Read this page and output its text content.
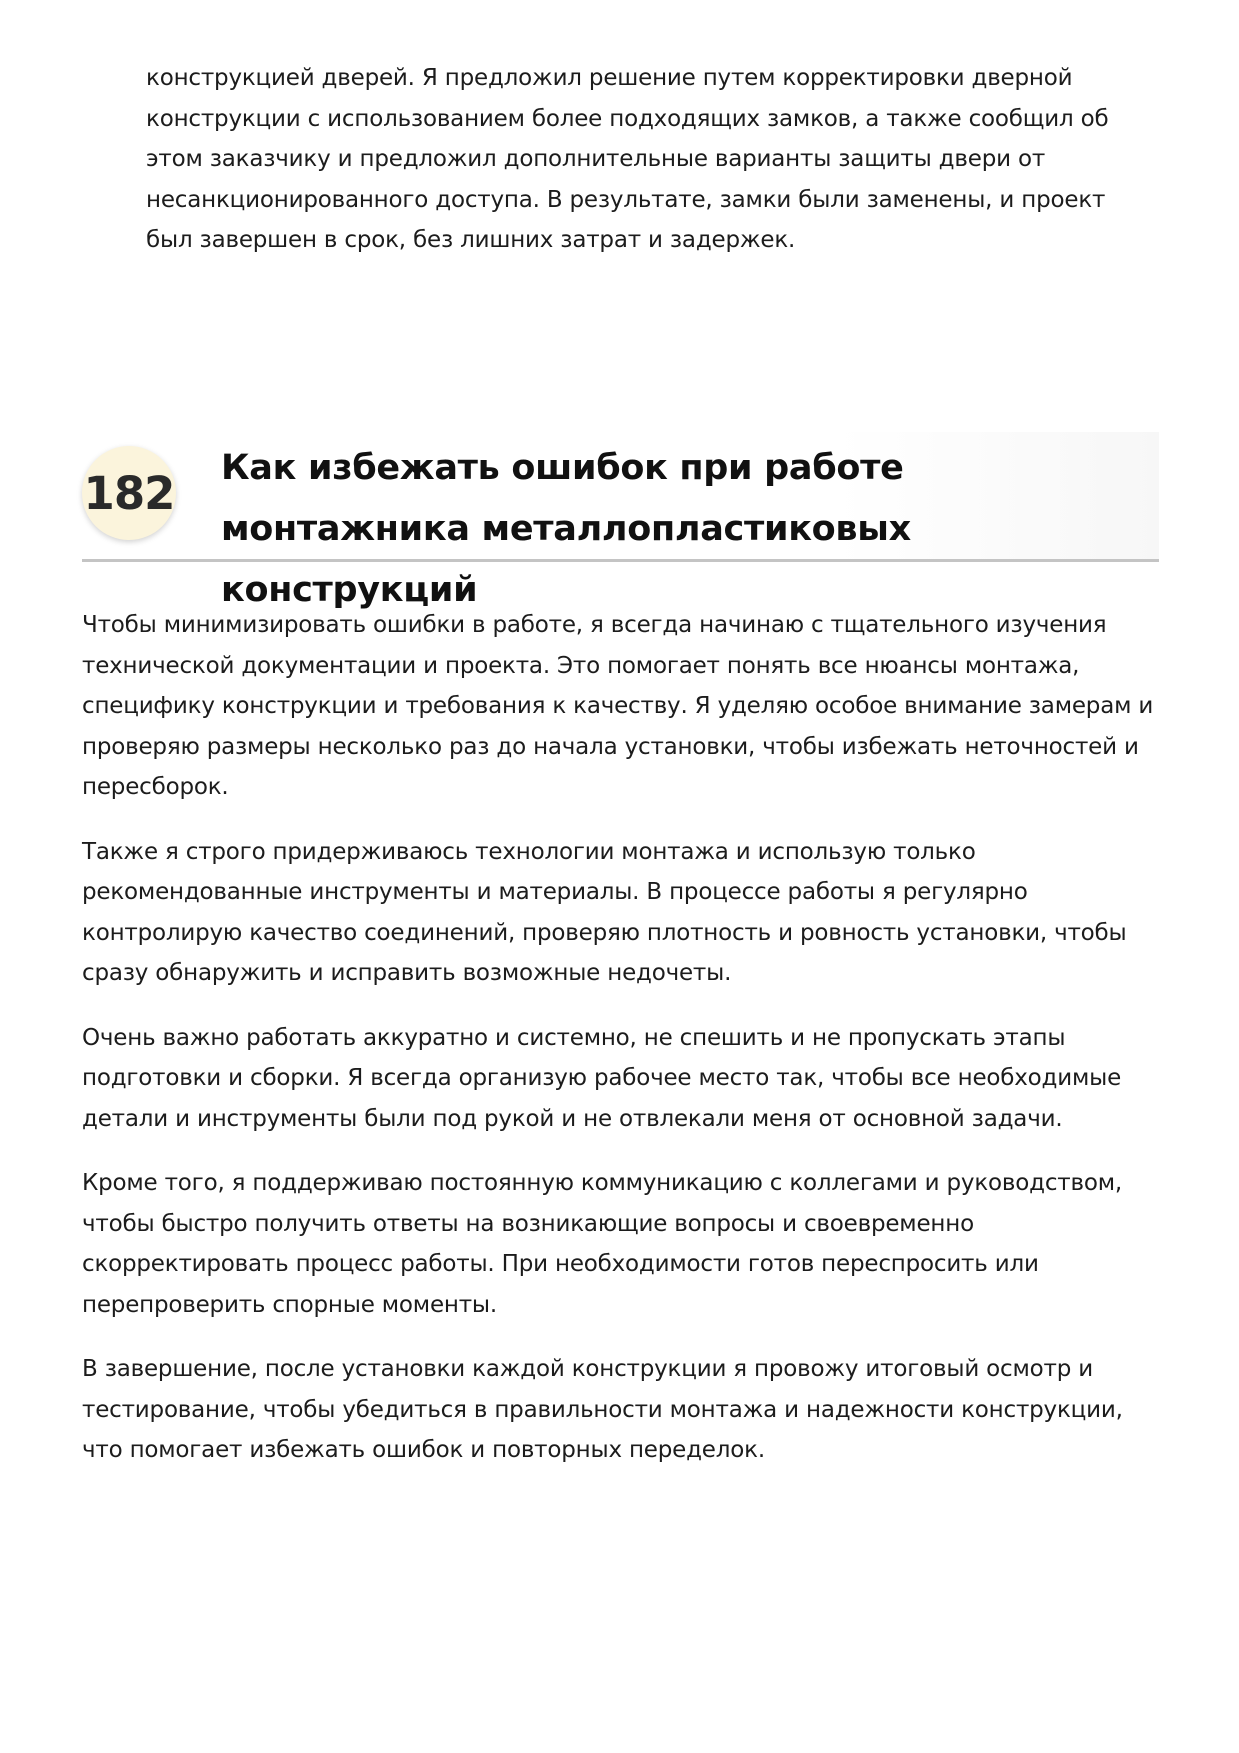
конструкцией дверей. Я предложил решение путем корректировки дверной конструкции с использованием более подходящих замков, а также сообщил об этом заказчику и предложил дополнительные варианты защиты двери от несанкционированного доступа. В результате, замки были заменены, и проект был завершен в срок, без лишних затрат и задержек.

182 Как избежать ошибок при работе монтажника металлопластиковых конструкций

Чтобы минимизировать ошибки в работе, я всегда начинаю с тщательного изучения технической документации и проекта. Это помогает понять все нюансы монтажа, специфику конструкции и требования к качеству. Я уделяю особое внимание замерам и проверяю размеры несколько раз до начала установки, чтобы избежать неточностей и пересборок.

Также я строго придерживаюсь технологии монтажа и использую только рекомендованные инструменты и материалы. В процессе работы я регулярно контролирую качество соединений, проверяю плотность и ровность установки, чтобы сразу обнаружить и исправить возможные недочеты.

Очень важно работать аккуратно и системно, не спешить и не пропускать этапы подготовки и сборки. Я всегда организую рабочее место так, чтобы все необходимые детали и инструменты были под рукой и не отвлекали меня от основной задачи.

Кроме того, я поддерживаю постоянную коммуникацию с коллегами и руководством, чтобы быстро получить ответы на возникающие вопросы и своевременно скорректировать процесс работы. При необходимости готов переспросить или перепроверить спорные моменты.

В завершение, после установки каждой конструкции я провожу итоговый осмотр и тестирование, чтобы убедиться в правильности монтажа и надежности конструкции, что помогает избежать ошибок и повторных переделок.
